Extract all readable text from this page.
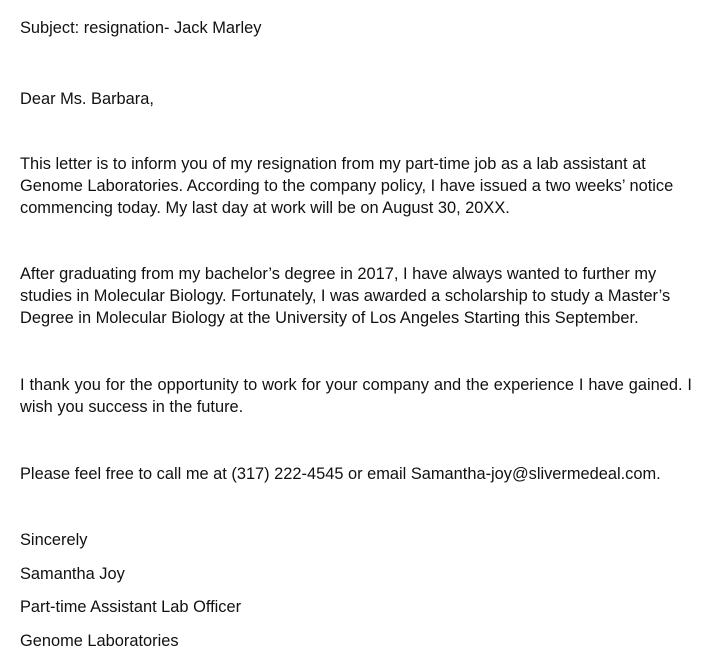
Subject: resignation- Jack Marley

Dear Ms. Barbara,

This letter is to inform you of my resignation from my part-time job as a lab assistant at Genome Laboratories. According to the company policy, I have issued a two weeks’ notice commencing today. My last day at work will be on August 30, 20XX.

After graduating from my bachelor’s degree in 2017, I have always wanted to further my studies in Molecular Biology. Fortunately, I was awarded a scholarship to study a Master’s Degree in Molecular Biology at the University of Los Angeles Starting this September.

I thank you for the opportunity to work for your company and the experience I have gained. I wish you success in the future.

Please feel free to call me at (317) 222-4545 or email Samantha-joy@slivermedeal.com.

Sincerely

Samantha Joy

Part-time Assistant Lab Officer

Genome Laboratories
